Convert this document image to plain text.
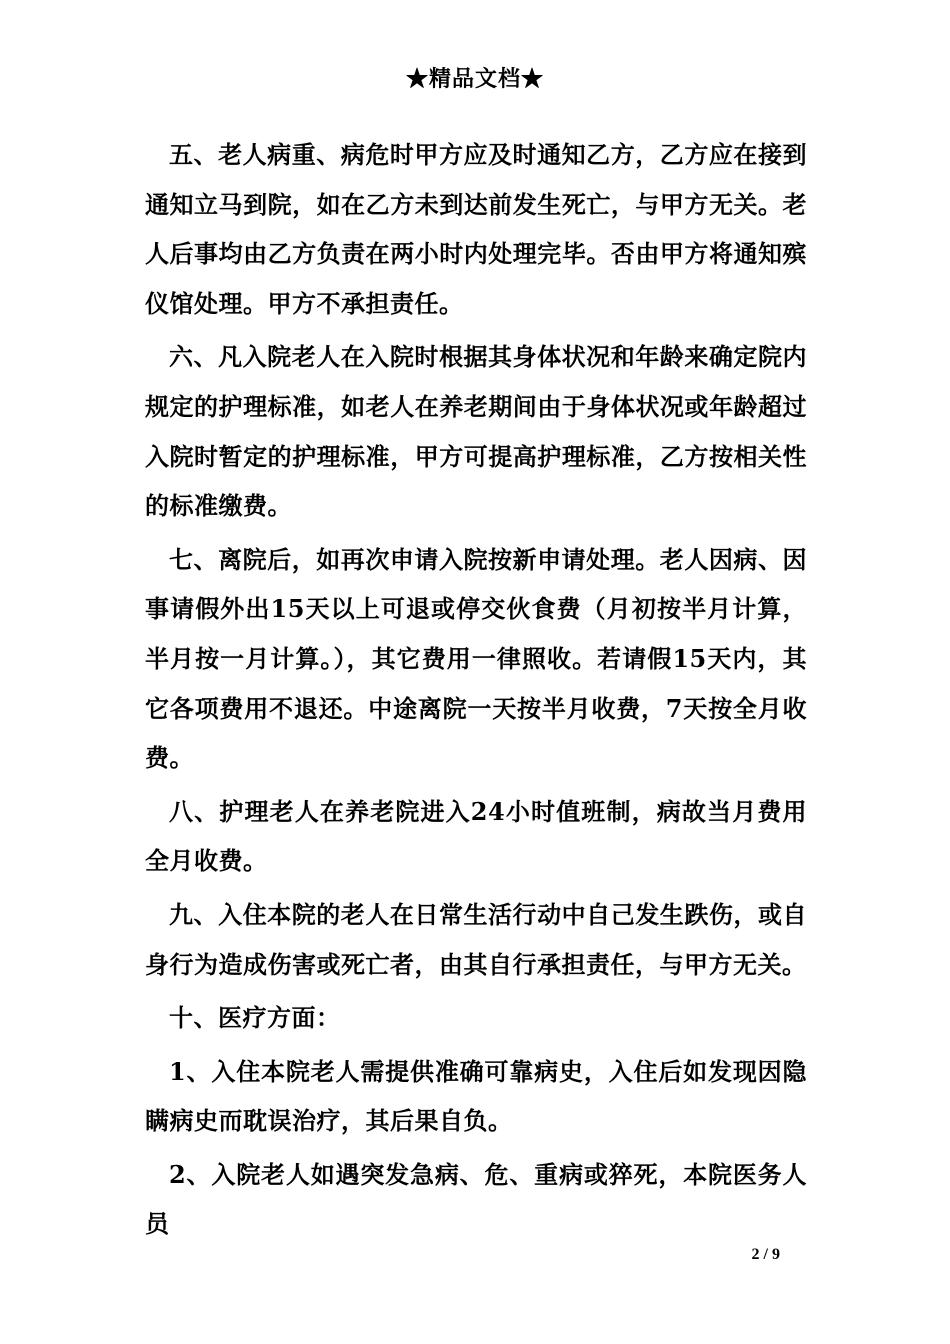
★精品文档★

五、老人病重、病危时甲方应及时通知乙方，乙方应在接到通知立马到院，如在乙方未到达前发生死亡，与甲方无关。老人后事均由乙方负责在两小时内处理完毕。否由甲方将通知殡仪馆处理。甲方不承担责任。

六、凡入院老人在入院时根据其身体状况和年龄来确定院内规定的护理标准，如老人在养老期间由于身体状况或年龄超过入院时暂定的护理标准，甲方可提高护理标准，乙方按相关性的标准缴费。

七、离院后，如再次申请入院按新申请处理。老人因病、因事请假外出15天以上可退或停交伙食费（月初按半月计算，半月按一月计算。），其它费用一律照收。若请假15天内，其它各项费用不退还。中途离院一天按半月收费，7天按全月收费。

八、护理老人在养老院进入24小时值班制，病故当月费用全月收费。

九、入住本院的老人在日常生活行动中自己发生跌伤，或自身行为造成伤害或死亡者，由其自行承担责任，与甲方无关。

十、医疗方面：

1、入住本院老人需提供准确可靠病史，入住后如发现因隐瞒病史而耽误治疗，其后果自负。

2、入院老人如遇突发急病、危、重病或猝死，本院医务人员

2 / 9
